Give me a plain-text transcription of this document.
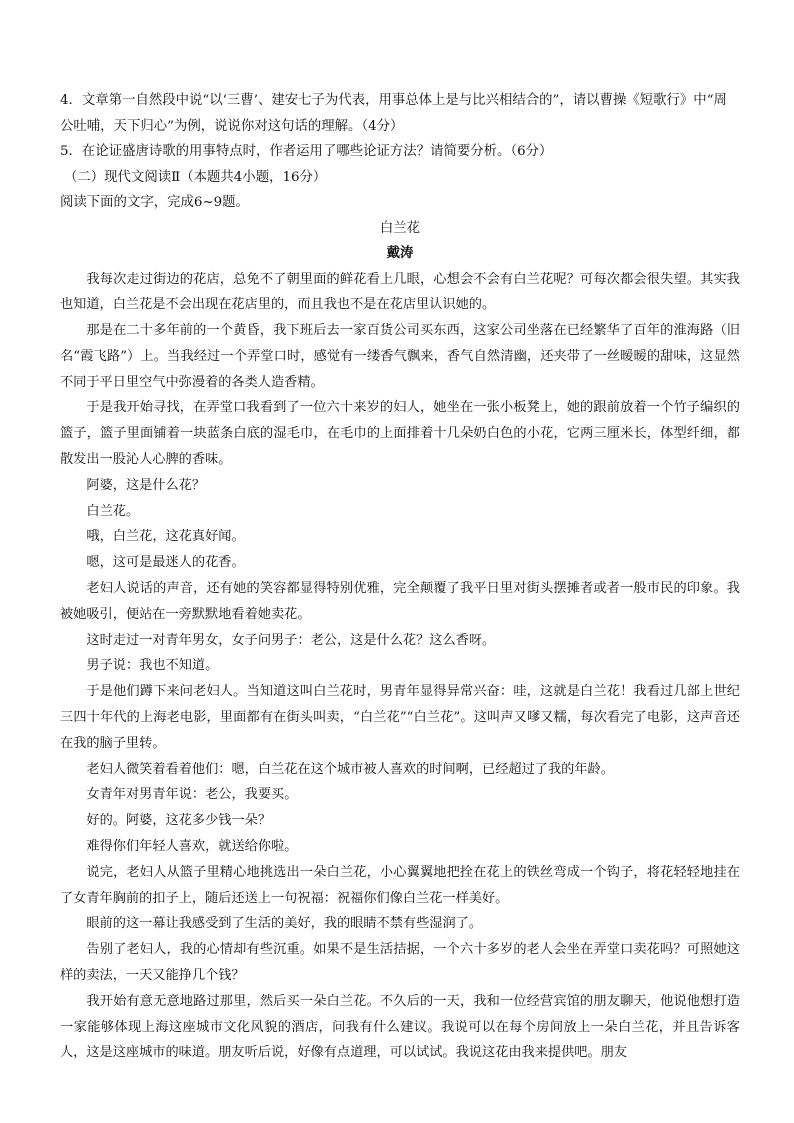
4．文章第一自然段中说“以‘三曹’、建安七子为代表，用事总体上是与比兴相结合的”，请以曹操《短歌行》中“周公吐哺，天下归心”为例，说说你对这句话的理解。（4分）

5．在论证盛唐诗歌的用事特点时，作者运用了哪些论证方法？请简要分析。（6分）

（二）现代文阅读Ⅱ（本题共4小题，16分）

阅读下面的文字，完成6~9题。

白兰花

戴涛

我每次走过街边的花店，总免不了朝里面的鲜花看上几眼，心想会不会有白兰花呢？可每次都会很失望。其实我也知道，白兰花是不会出现在花店里的，而且我也不是在花店里认识她的。

那是在二十多年前的一个黄昏，我下班后去一家百货公司买东西，这家公司坐落在已经繁华了百年的淮海路（旧名“霞飞路”）上。当我经过一个弄堂口时，感觉有一缕香气飘来，香气自然清幽，还夹带了一丝暧暧的甜味，这显然不同于平日里空气中弥漫着的各类人造香精。

于是我开始寻找，在弄堂口我看到了一位六十来岁的妇人，她坐在一张小板凳上，她的跟前放着一个竹子编织的篮子，篮子里面铺着一块蓝条白底的湿毛巾，在毛巾的上面排着十几朵奶白色的小花，它两三厘米长，体型纤细，都散发出一股沁人心脾的香味。

阿婆，这是什么花？

白兰花。

哦，白兰花，这花真好闻。

嗯，这可是最迷人的花香。

老妇人说话的声音，还有她的笑容都显得特别优雅，完全颠覆了我平日里对街头摆摊者或者一般市民的印象。我被她吸引，便站在一旁默默地看着她卖花。

这时走过一对青年男女，女子问男子：老公，这是什么花？这么香呀。

男子说：我也不知道。

于是他们蹲下来问老妇人。当知道这叫白兰花时，男青年显得异常兴奋：哇，这就是白兰花！我看过几部上世纪三四十年代的上海老电影，里面都有在街头叫卖，“白兰花”“白兰花”。这叫声又嗲又糯，每次看完了电影，这声音还在我的脑子里转。

老妇人微笑着看着他们：嗯，白兰花在这个城市被人喜欢的时间啊，已经超过了我的年龄。

女青年对男青年说：老公，我要买。

好的。阿婆，这花多少钱一朵？

难得你们年轻人喜欢，就送给你啦。

说完，老妇人从篮子里精心地挑选出一朵白兰花，小心翼翼地把拴在花上的铁丝弯成一个钩子，将花轻轻地挂在了女青年胸前的扣子上，随后还送上一句祝福：祝福你们像白兰花一样美好。

眼前的这一幕让我感受到了生活的美好，我的眼睛不禁有些湿润了。

告别了老妇人，我的心情却有些沉重。如果不是生活拮据，一个六十多岁的老人会坐在弄堂口卖花吗？可照她这样的卖法，一天又能挣几个钱？

我开始有意无意地路过那里，然后买一朵白兰花。不久后的一天，我和一位经营宾馆的朋友聊天，他说他想打造一家能够体现上海这座城市文化风貌的酒店，问我有什么建议。我说可以在每个房间放上一朵白兰花，并且告诉客人，这是这座城市的味道。朋友听后说，好像有点道理，可以试试。我说这花由我来提供吧。朋友
